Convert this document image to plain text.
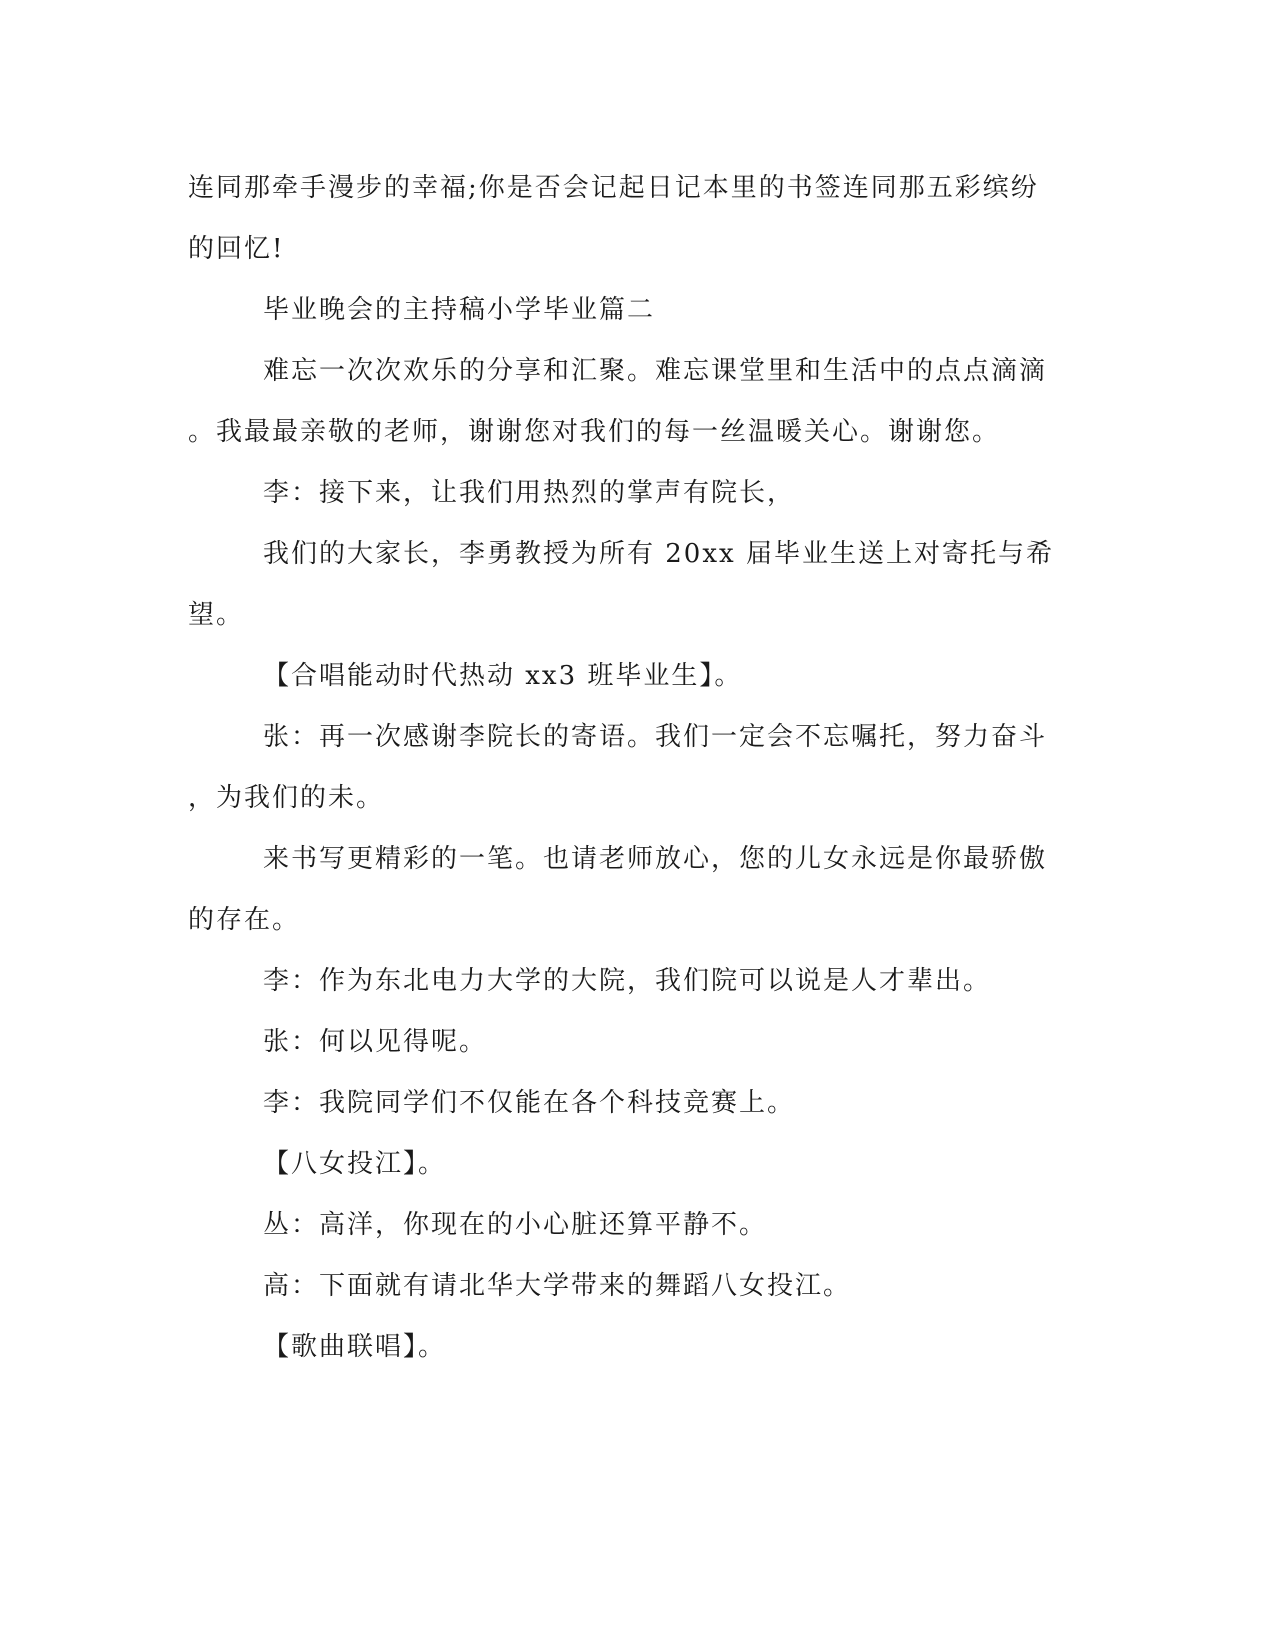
连同那牵手漫步的幸福;你是否会记起日记本里的书签连同那五彩缤纷
的回忆!

毕业晚会的主持稿小学毕业篇二

难忘一次次欢乐的分享和汇聚。难忘课堂里和生活中的点点滴滴
。我最最亲敬的老师，谢谢您对我们的每一丝温暖关心。谢谢您。

李：接下来，让我们用热烈的掌声有院长，

我们的大家长，李勇教授为所有 20xx 届毕业生送上对寄托与希
望。

【合唱能动时代热动 xx3 班毕业生】。

张：再一次感谢李院长的寄语。我们一定会不忘嘱托，努力奋斗
，为我们的未。

来书写更精彩的一笔。也请老师放心，您的儿女永远是你最骄傲
的存在。

李：作为东北电力大学的大院，我们院可以说是人才辈出。

张：何以见得呢。

李：我院同学们不仅能在各个科技竞赛上。

【八女投江】。

丛：高洋，你现在的小心脏还算平静不。

高：下面就有请北华大学带来的舞蹈八女投江。

【歌曲联唱】。
